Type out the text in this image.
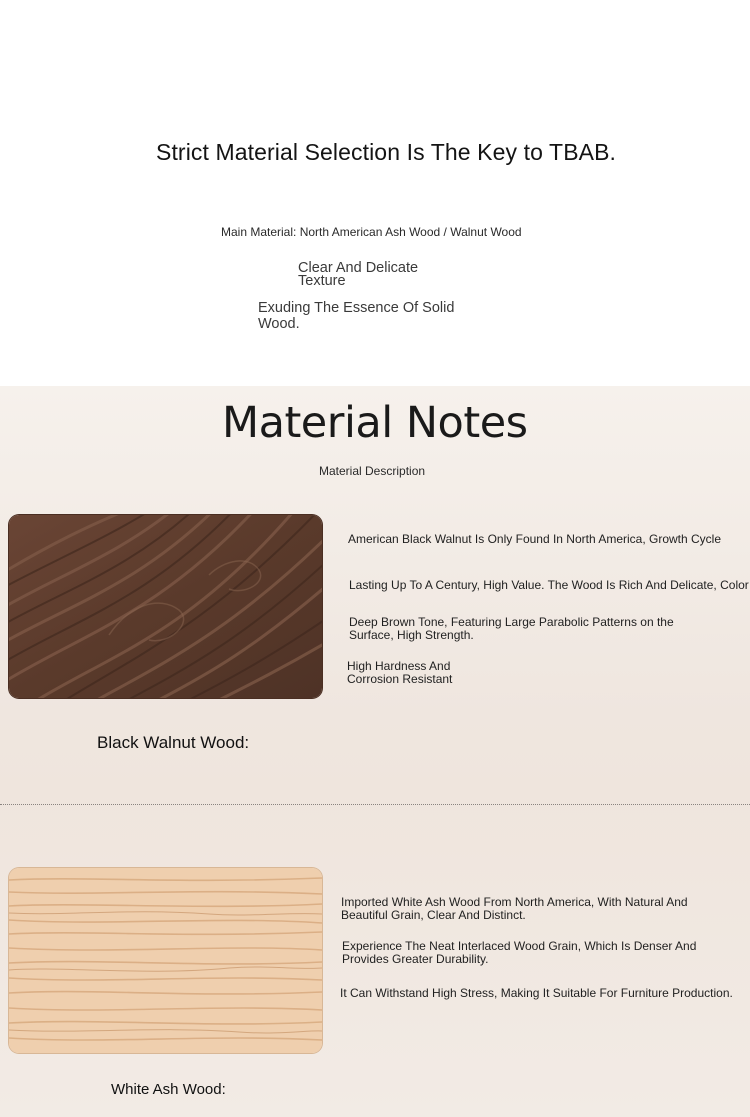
Strict Material Selection Is The Key to TBAB.
Main Material: North American Ash Wood / Walnut Wood
Clear And Delicate
Texture
Exuding The Essence Of Solid
Wood.
Material Notes
Material Description
American Black Walnut Is Only Found In North America, Growth Cycle
Lasting Up To A Century, High Value. The Wood Is Rich And Delicate, Color
Deep Brown Tone, Featuring Large Parabolic Patterns on the
Surface, High Strength.
High Hardness And
Corrosion Resistant
Black Walnut Wood:
Imported White Ash Wood From North America, With Natural And
Beautiful Grain, Clear And Distinct.
Experience The Neat Interlaced Wood Grain, Which Is Denser And
Provides Greater Durability.
It Can Withstand High Stress, Making It Suitable For Furniture Production.
White Ash Wood:
